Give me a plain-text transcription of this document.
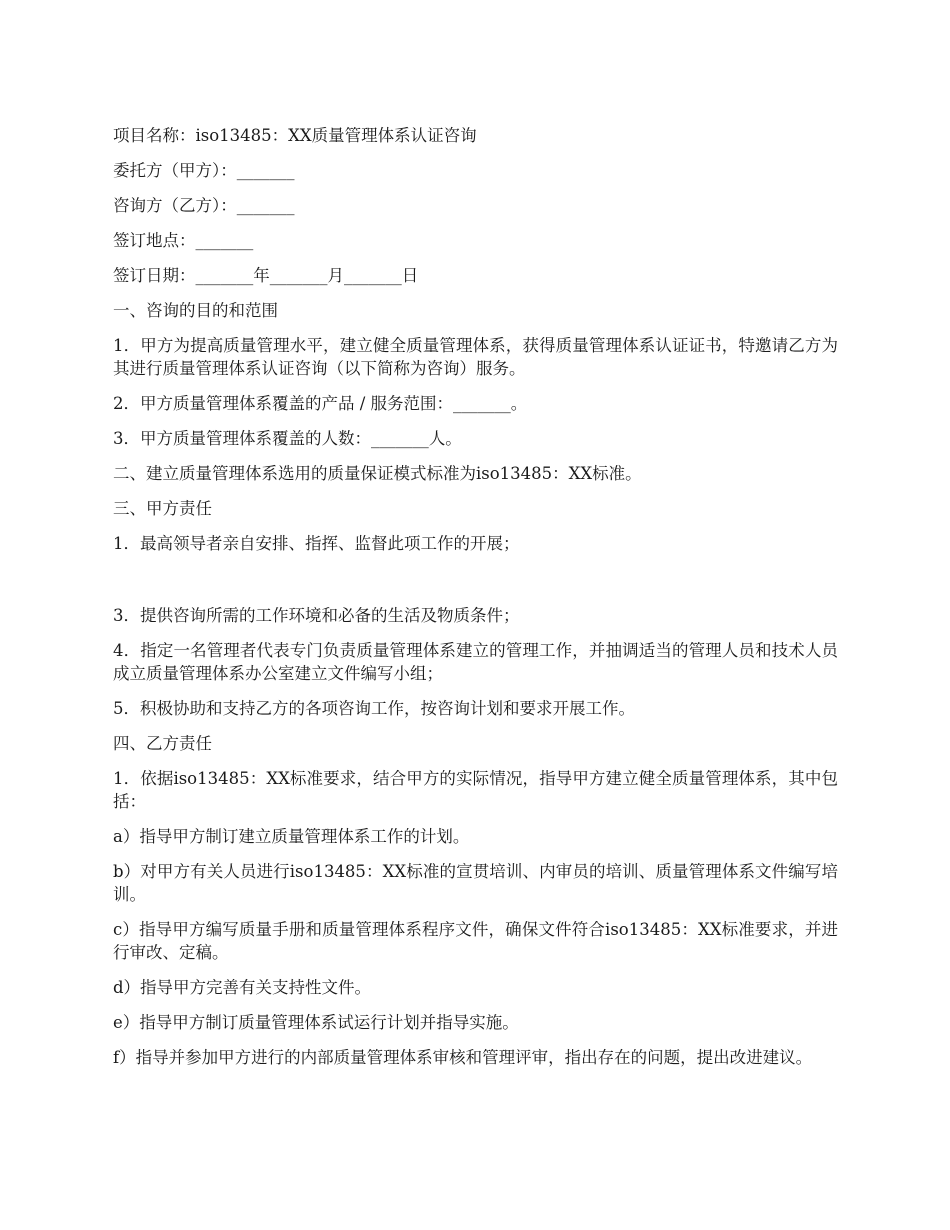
项目名称：iso13485：XX质量管理体系认证咨询

委托方（甲方）：_______

咨询方（乙方）：_______

签订地点：_______

签订日期：_______年_______月_______日

一、咨询的目的和范围

1．甲方为提高质量管理水平，建立健全质量管理体系，获得质量管理体系认证证书，特邀请乙方为其进行质量管理体系认证咨询（以下简称为咨询）服务。

2．甲方质量管理体系覆盖的产品 / 服务范围：_______。

3．甲方质量管理体系覆盖的人数：_______人。

二、建立质量管理体系选用的质量保证模式标准为iso13485：XX标准。

三、甲方责任

1．最高领导者亲自安排、指挥、监督此项工作的开展；

3．提供咨询所需的工作环境和必备的生活及物质条件；

4．指定一名管理者代表专门负责质量管理体系建立的管理工作，并抽调适当的管理人员和技术人员成立质量管理体系办公室建立文件编写小组；

5．积极协助和支持乙方的各项咨询工作，按咨询计划和要求开展工作。

四、乙方责任

1．依据iso13485：XX标准要求，结合甲方的实际情况，指导甲方建立健全质量管理体系，其中包括：

a）指导甲方制订建立质量管理体系工作的计划。

b）对甲方有关人员进行iso13485：XX标准的宣贯培训、内审员的培训、质量管理体系文件编写培训。

c）指导甲方编写质量手册和质量管理体系程序文件，确保文件符合iso13485：XX标准要求，并进行审改、定稿。

d）指导甲方完善有关支持性文件。

e）指导甲方制订质量管理体系试运行计划并指导实施。

f）指导并参加甲方进行的内部质量管理体系审核和管理评审，指出存在的问题，提出改进建议。
